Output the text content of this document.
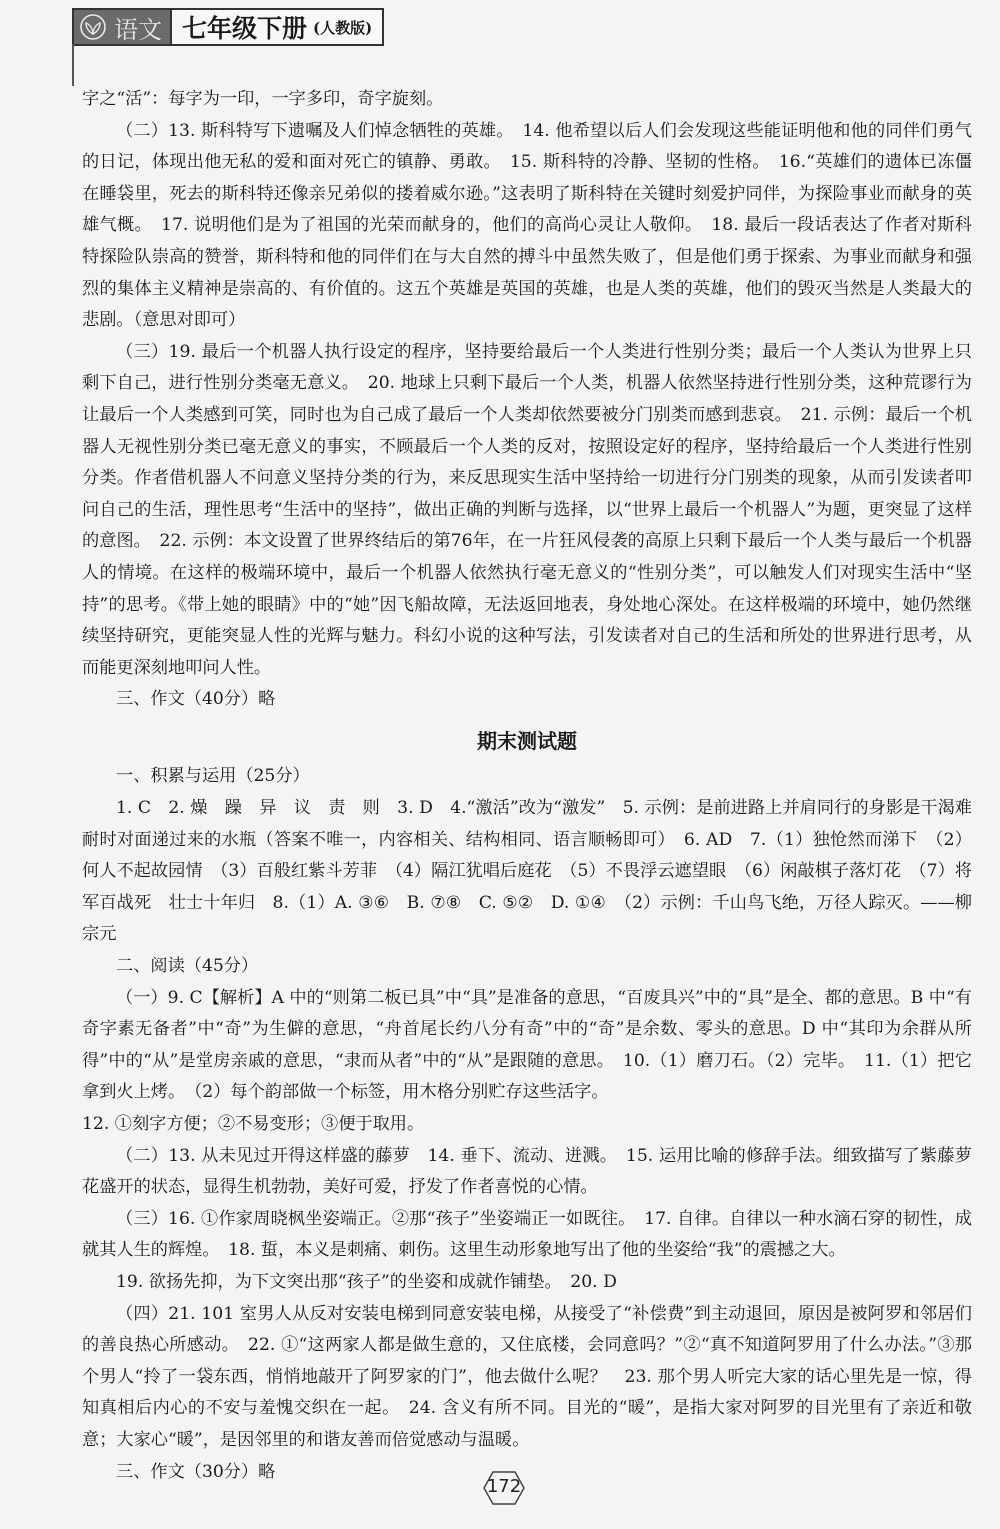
语文 七年级下册 (人教版)

字之“活”：每字为一印，一字多印，奇字旋刻。

（二）13. 斯科特写下遗嘱及人们悼念牺牲的英雄。　14. 他希望以后人们会发现这些能证明他和他的同伴们勇气的日记，体现出他无私的爱和面对死亡的镇静、勇敢。　15. 斯科特的冷静、坚韧的性格。　16.“英雄们的遗体已冻僵在睡袋里，死去的斯科特还像亲兄弟似的搂着威尔逊。”这表明了斯科特在关键时刻爱护同伴，为探险事业而献身的英雄气概。　17. 说明他们是为了祖国的光荣而献身的，他们的高尚心灵让人敬仰。　18. 最后一段话表达了作者对斯科特探险队崇高的赞誉，斯科特和他的同伴们在与大自然的搏斗中虽然失败了，但是他们勇于探索、为事业而献身和强烈的集体主义精神是崇高的、有价值的。这五个英雄是英国的英雄，也是人类的英雄，他们的毁灭当然是人类最大的悲剧。（意思对即可）

（三）19. 最后一个机器人执行设定的程序，坚持要给最后一个人类进行性别分类；最后一个人类认为世界上只剩下自己，进行性别分类毫无意义。　20. 地球上只剩下最后一个人类，机器人依然坚持进行性别分类，这种荒谬行为让最后一个人类感到可笑，同时也为自己成了最后一个人类却依然要被分门别类而感到悲哀。　21. 示例：最后一个机器人无视性别分类已毫无意义的事实，不顾最后一个人类的反对，按照设定好的程序，坚持给最后一个人类进行性别分类。作者借机器人不问意义坚持分类的行为，来反思现实生活中坚持给一切进行分门别类的现象，从而引发读者叩问自己的生活，理性思考“生活中的坚持”，做出正确的判断与选择，以“世界上最后一个机器人”为题，更突显了这样的意图。　22. 示例：本文设置了世界终结后的第76年，在一片狂风侵袭的高原上只剩下最后一个人类与最后一个机器人的情境。在这样的极端环境中，最后一个机器人依然执行毫无意义的“性别分类”，可以触发人们对现实生活中“坚持”的思考。《带上她的眼睛》中的“她”因飞船故障，无法返回地表，身处地心深处。在这样极端的环境中，她仍然继续坚持研究，更能突显人性的光辉与魅力。科幻小说的这种写法，引发读者对自己的生活和所处的世界进行思考，从而能更深刻地叩问人性。

三、作文（40分）略

期末测试题

一、积累与运用（25分）

1. C　2. 燥　躁　异　议　责　则　3. D　4.“激活”改为“激发”　5. 示例：是前进路上并肩同行的身影是干渴难耐时对面递过来的水瓶（答案不唯一，内容相关、结构相同、语言顺畅即可）　6. AD　7.（1）独怆然而涕下　（2）何人不起故园情　（3）百般红紫斗芳菲　（4）隔江犹唱后庭花　（5）不畏浮云遮望眼　（6）闲敲棋子落灯花　（7）将军百战死　壮士十年归　8.（1）A. ③⑥　B. ⑦⑧　C. ⑤②　D. ①④　（2）示例：千山鸟飞绝，万径人踪灭。——柳宗元

二、阅读（45分）

（一）9. C【解析】A 中的“则第二板已具”中“具”是准备的意思，“百废具兴”中的“具”是全、都的意思。B 中“有奇字素无备者”中“奇”为生僻的意思，“舟首尾长约八分有奇”中的“奇”是余数、零头的意思。D 中“其印为余群从所得”中的“从”是堂房亲戚的意思，“隶而从者”中的“从”是跟随的意思。　10.（1）磨刀石。（2）完毕。　11.（1）把它拿到火上烤。　（2）每个韵部做一个标签，用木格分别贮存这些活字。

12. ①刻字方便；②不易变形；③便于取用。

（二）13. 从未见过开得这样盛的藤萝　14. 垂下、流动、迸溅。　15. 运用比喻的修辞手法。细致描写了紫藤萝花盛开的状态，显得生机勃勃，美好可爱，抒发了作者喜悦的心情。

（三）16. ①作家周晓枫坐姿端正。②那“孩子”坐姿端正一如既往。　17. 自律。自律以一种水滴石穿的韧性，成就其人生的辉煌。　18. 蜇，本义是刺痛、刺伤。这里生动形象地写出了他的坐姿给“我”的震撼之大。

19. 欲扬先抑，为下文突出那“孩子”的坐姿和成就作铺垫。　20. D

（四）21. 101 室男人从反对安装电梯到同意安装电梯，从接受了“补偿费”到主动退回，原因是被阿罗和邻居们的善良热心所感动。　22. ①“这两家人都是做生意的，又住底楼，会同意吗？”②“真不知道阿罗用了什么办法。”③那个男人“拎了一袋东西，悄悄地敲开了阿罗家的门”，他去做什么呢？　23. 那个男人听完大家的话心里先是一惊，得知真相后内心的不安与羞愧交织在一起。　24. 含义有所不同。目光的“暖”，是指大家对阿罗的目光里有了亲近和敬意；大家心“暖”，是因邻里的和谐友善而倍觉感动与温暖。

三、作文（30分）略

172
